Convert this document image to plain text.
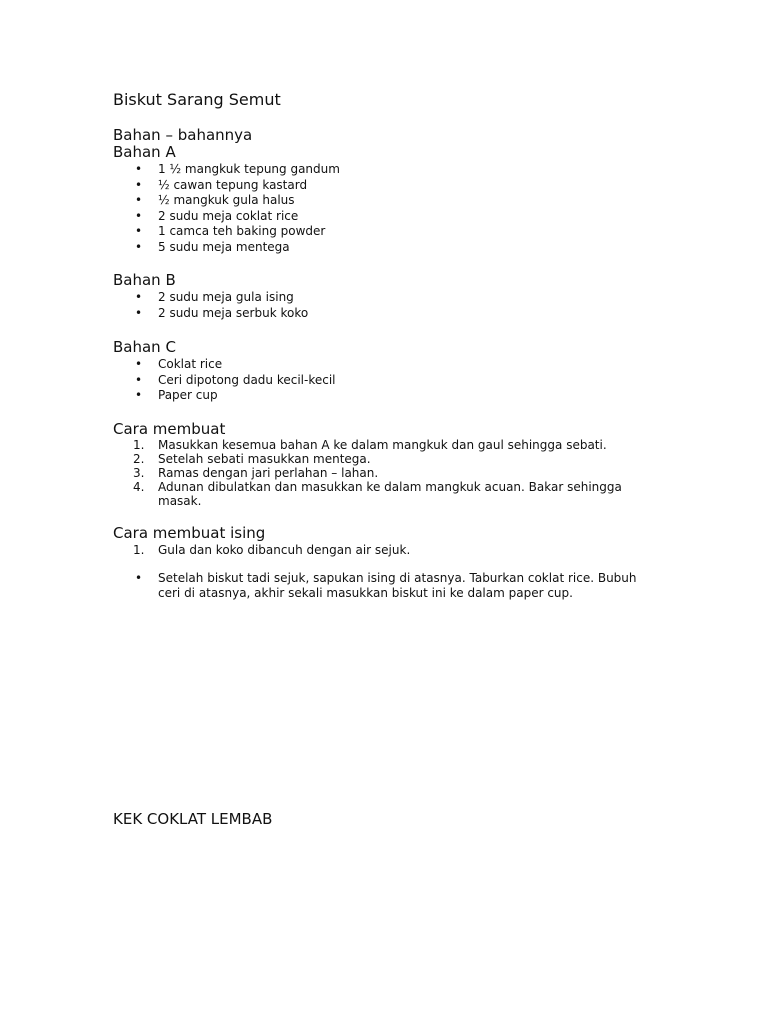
Biskut Sarang Semut
Bahan – bahannya
Bahan A
• 1 ½ mangkuk tepung gandum
• ½ cawan tepung kastard
• ½ mangkuk gula halus
• 2 sudu meja coklat rice
• 1 camca teh baking powder
• 5 sudu meja mentega
Bahan B
• 2 sudu meja gula ising
• 2 sudu meja serbuk koko
Bahan C
• Coklat rice
• Ceri dipotong dadu kecil-kecil
• Paper cup
Cara membuat
1. Masukkan kesemua bahan A ke dalam mangkuk dan gaul sehingga sebati.
2. Setelah sebati masukkan mentega.
3. Ramas dengan jari perlahan – lahan.
4. Adunan dibulatkan dan masukkan ke dalam mangkuk acuan. Bakar sehingga masak.
Cara membuat ising
1. Gula dan koko dibancuh dengan air sejuk.
• Setelah biskut tadi sejuk, sapukan ising di atasnya. Taburkan coklat rice. Bubuh ceri di atasnya, akhir sekali masukkan biskut ini ke dalam paper cup.
KEK COKLAT LEMBAB
